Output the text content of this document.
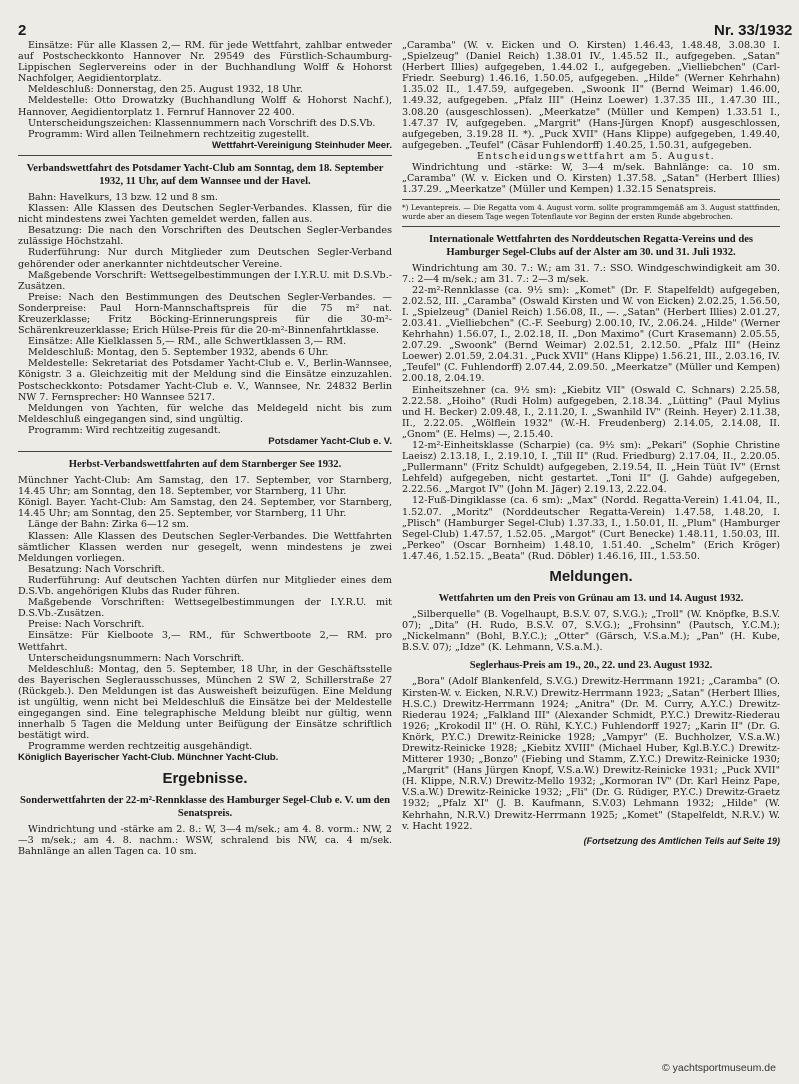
2	Nr. 33/1932

Einsätze: Für alle Klassen 2,— RM. für jede Wettfahrt, zahlbar entweder auf Postscheckkonto Hannover Nr. 29549 des Fürstlich-Schaumburg-Lippischen Seglervereins oder in der Buchhandlung Wolff & Hohorst Nachfolger, Aegidientorplatz.

Meldeschluß: Donnerstag, den 25. August 1932, 18 Uhr.

Meldestelle: Otto Drowatzky (Buchhandlung Wolff & Hohorst Nachf.), Hannover, Aegidientorplatz 1. Fernruf Hannover 22 400.

Unterscheidungszeichen: Klassennummern nach Vorschrift des D.S.Vb.

Programm: Wird allen Teilnehmern rechtzeitig zugestellt.

Wettfahrt-Vereinigung Steinhuder Meer.

Verbandswettfahrt des Potsdamer Yacht-Club am Sonntag, dem 18. September 1932, 11 Uhr, auf dem Wannsee und der Havel.

Bahn: Havelkurs, 13 bzw. 12 und 8 sm.

Klassen: Alle Klassen des Deutschen Segler-Verbandes. Klassen, für die nicht mindestens zwei Yachten gemeldet werden, fallen aus.

Besatzung: Die nach den Vorschriften des Deutschen Segler-Verbandes zulässige Höchstzahl.

Ruderführung: Nur durch Mitglieder zum Deutschen Segler-Verband gehörender oder anerkannter nichtdeutscher Vereine.

Maßgebende Vorschrift: Wettsegelbestimmungen der I.Y.R.U. mit D.S.Vb.-Zusätzen.

Preise: Nach den Bestimmungen des Deutschen Segler-Verbandes. — Sonderpreise: Paul Horn-Mannschaftspreis für die 75 m² nat. Kreuzerklasse; Fritz Böcking-Erinnerungspreis für die 30-m²-Schärenkreuzerklasse; Erich Hülse-Preis für die 20-m²-Binnenfahrtklasse.

Einsätze: Alle Kielklassen 5,— RM., alle Schwertklassen 3,— RM.

Meldeschluß: Montag, den 5. September 1932, abends 6 Uhr.

Meldestelle: Sekretariat des Potsdamer Yacht-Club e. V., Berlin-Wannsee, Königstr. 3 a. Gleichzeitig mit der Meldung sind die Einsätze einzuzahlen. Postscheckkonto: Potsdamer Yacht-Club e. V., Wannsee, Nr. 24832 Berlin NW 7. Fernsprecher: H0 Wannsee 5217.

Meldungen von Yachten, für welche das Meldegeld nicht bis zum Meldeschluß eingegangen sind, sind ungültig.

Programm: Wird rechtzeitig zugesandt.

Potsdamer Yacht-Club e. V.

Herbst-Verbandswettfahrten auf dem Starnberger See 1932.

Münchner Yacht-Club: Am Samstag, den 17. September, vor Starnberg, 14.45 Uhr; am Sonntag, den 18. September, vor Starnberg, 11 Uhr.

Königl. Bayer. Yacht-Club: Am Samstag, den 24. September, vor Starnberg, 14.45 Uhr; am Sonntag, den 25. September, vor Starnberg, 11 Uhr.

Länge der Bahn: Zirka 6—12 sm.

Klassen: Alle Klassen des Deutschen Segler-Verbandes. Die Wettfahrten sämtlicher Klassen werden nur gesegelt, wenn mindestens je zwei Meldungen vorliegen.

Besatzung: Nach Vorschrift.

Ruderführung: Auf deutschen Yachten dürfen nur Mitglieder eines dem D.S.Vb. angehörigen Klubs das Ruder führen.

Maßgebende Vorschriften: Wettsegelbestimmungen der I.Y.R.U. mit D.S.Vb.-Zusätzen.

Preise: Nach Vorschrift.

Einsätze: Für Kielboote 3,— RM., für Schwertboote 2,— RM. pro Wettfahrt.

Unterscheidungsnummern: Nach Vorschrift.

Meldeschluß: Montag, den 5. September, 18 Uhr, in der Geschäftsstelle des Bayerischen Seglerausschusses, München 2 SW 2, Schillerstraße 27 (Rückgeb.). Den Meldungen ist das Ausweisheft beizufügen. Eine Meldung ist ungültig, wenn nicht bei Meldeschluß die Einsätze bei der Meldestelle eingegangen sind. Eine telegraphische Meldung bleibt nur gültig, wenn innerhalb 5 Tagen die Meldung unter Beifügung der Einsätze schriftlich bestätigt wird.

Programme werden rechtzeitig ausgehändigt.

Königlich Bayerischer Yacht-Club. Münchner Yacht-Club.

Ergebnisse.
Sonderwettfahrten der 22-m²-Rennklasse des Hamburger Segel-Club e. V. um den Senatspreis.

Windrichtung und -stärke am 2. 8.: W, 3—4 m/sek.; am 4. 8. vorm.: NW, 2—3 m/sek.; am 4. 8. nachm.: WSW, schralend bis NW, ca. 4 m/sek. Bahnlänge an allen Tagen ca. 10 sm.

„Caramba" (W. v. Eicken und O. Kirsten) 1.46.43, 1.48.48, 3.08.30 I. „Spielzeug" (Daniel Reich) 1.38.01 IV., 1.45.52 II., aufgegeben. „Satan" (Herbert Illies) aufgegeben, 1.44.02 I., aufgegeben. „Vielliebchen" (Carl-Friedr. Seeburg) 1.46.16, 1.50.05, aufgegeben. „Hilde" (Werner Kehrhahn) 1.35.02 II., 1.47.59, aufgegeben. „Swoonk II" (Bernd Weimar) 1.46.00, 1.49.32, aufgegeben. „Pfalz III" (Heinz Loewer) 1.37.35 III., 1.47.30 III., 3.08.20 (ausgeschlossen). „Meerkatze" (Müller und Kempen) 1.33.51 I., 1.47.37 IV, aufgegeben. „Margrit" (Hans-Jürgen Knopf) ausgeschlossen, aufgegeben, 3.19.28 II. *). „Puck XVII" (Hans Klippe) aufgegeben, 1.49.40, aufgegeben. „Teufel" (Cäsar Fuhlendorff) 1.40.25, 1.50.31, aufgegeben.

Entscheidungswettfahrt am 5. August.

Windrichtung und -stärke: W, 3—4 m/sek. Bahnlänge: ca. 10 sm. „Caramba" (W. v. Eicken und O. Kirsten) 1.37.58. „Satan" (Herbert Illies) 1.37.29. „Meerkatze" (Müller und Kempen) 1.32.15 Senatspreis.

*) Levantepreis. — Die Regatta vom 4. August vorm. sollte programmgemäß am 3. August stattfinden, wurde aber an diesem Tage wegen Totenflaute vor Beginn der ersten Runde abgebrochen.

Internationale Wettfahrten des Norddeutschen Regatta-Vereins und des Hamburger Segel-Clubs auf der Alster am 30. und 31. Juli 1932.

Windrichtung am 30. 7.: W.; am 31. 7.: SSO. Windgeschwindigkeit am 30. 7.: 2—4 m/sek.; am 31. 7.: 2—3 m/sek.

22-m²-Rennklasse (ca. 9½ sm): „Komet" (Dr. F. Stapelfeldt) aufgegeben, 2.02.52, III. „Caramba" (Oswald Kirsten und W. von Eicken) 2.02.25, 1.56.50, I. „Spielzeug" (Daniel Reich) 1.56.08, II., —. „Satan" (Herbert Illies) 2.01.27, 2.03.41. „Vielliebchen" (C.-F. Seeburg) 2.00.10, IV., 2.06.24. „Hilde" (Werner Kehrhahn) 1.56.07, I., 2.02.18, II. „Don Maximo" (Curt Krasemann) 2.05.55, 2.07.29. „Swoonk" (Bernd Weimar) 2.02.51, 2.12.50. „Pfalz III" (Heinz Loewer) 2.01.59, 2.04.31. „Puck XVII" (Hans Klippe) 1.56.21, III., 2.03.16, IV. „Teufel" (C. Fuhlendorff) 2.07.44, 2.09.50. „Meerkatze" (Müller und Kempen) 2.00.18, 2.04.19.

Einheitszehner (ca. 9½ sm): „Kiebitz VII" (Oswald C. Schnars) 2.25.58, 2.22.58. „Hoiho" (Rudi Holm) aufgegeben, 2.18.34. „Lütting" (Paul Mylius und H. Becker) 2.09.48, I., 2.11.20, I. „Swanhild IV" (Reinh. Heyer) 2.11.38, II., 2.22.05. „Wölflein 1932" (W.-H. Freudenberg) 2.14.05, 2.14.08, II. „Gnom" (E. Helms) —, 2.15.40.

12-m²-Einheitsklasse (Scharpie) (ca. 9½ sm): „Pekari" (Sophie Christine Laeisz) 2.13.18, I., 2.19.10, I. „Till II" (Rud. Friedburg) 2.17.04, II., 2.20.05. „Pullermann" (Fritz Schuldt) aufgegeben, 2.19.54, II. „Hein Tüüt IV" (Ernst Lehfeld) aufgegeben, nicht gestartet. „Toni II" (J. Gahde) aufgegeben, 2.22.56. „Margot IV" (John M. Jäger) 2.19.13, 2.22.04.

12-Fuß-Dingiklasse (ca. 6 sm): „Max" (Nordd. Regatta-Verein) 1.41.04, II., 1.52.07. „Moritz" (Norddeutscher Regatta-Verein) 1.47.58, 1.48.20, I. „Plisch" (Hamburger Segel-Club) 1.37.33, I., 1.50.01, II. „Plum" (Hamburger Segel-Club) 1.47.57, 1.52.05. „Margot" (Curt Benecke) 1.48.11, 1.50.03, III. „Perkeo" (Oscar Bornheim) 1.48.10, 1.51.40. „Schelm" (Erich Kröger) 1.47.46, 1.52.15. „Beata" (Rud. Döbler) 1.46.16, III., 1.53.50.

Meldungen.
Wettfahrten um den Preis von Grünau am 13. und 14. August 1932.

„Silberquelle" (B. Vogelhaupt, B.S.V. 07, S.V.G.); „Troll" (W. Knöpfke, B.S.V. 07); „Dita" (H. Rudo, B.S.V. 07, S.V.G.); „Frohsinn" (Pautsch, Y.C.M.); „Nickelmann" (Bohl, B.Y.C.); „Otter" (Gärsch, V.S.a.M.); „Pan" (H. Kube, B.S.V. 07); „Idze" (K. Lehmann, V.S.a.M.).

Seglerhaus-Preis am 19., 20., 22. und 23. August 1932.

„Bora" (Adolf Blankenfeld, S.V.G.) Drewitz-Herrmann 1921; „Caramba" (O. Kirsten-W. v. Eicken, N.R.V.) Drewitz-Herrmann 1923; „Satan" (Herbert Illies, H.S.C.) Drewitz-Herrmann 1924; „Anitra" (Dr. M. Curry, A.Y.C.) Drewitz-Riederau 1924; „Falkland III" (Alexander Schmidt, P.Y.C.) Drewitz-Riederau 1926; „Krokodil II" (H. O. Rühl, K.Y.C.) Fuhlendorff 1927; „Karin II" (Dr. G. Knörk, P.Y.C.) Drewitz-Reinicke 1928; „Vampyr" (E. Buchholzer, V.S.a.W.) Drewitz-Reinicke 1928; „Kiebitz XVIII" (Michael Huber, Kgl.B.Y.C.) Drewitz-Mitterer 1930; „Bonzo" (Fiebing und Stamm, Z.Y.C.) Drewitz-Reinicke 1930; „Margrit" (Hans Jürgen Knopf, V.S.a.W.) Drewitz-Reinicke 1931; „Puck XVII" (H. Klippe, N.R.V.) Drewitz-Mello 1932; „Kormoran IV" (Dr. Karl Heinz Pape, V.S.a.W.) Drewitz-Reinicke 1932; „Fli" (Dr. G. Rüdiger, P.Y.C.) Drewitz-Graetz 1932; „Pfalz XI" (J. B. Kaufmann, S.V.03) Lehmann 1932; „Hilde" (W. Kehrhahn, N.R.V.) Drewitz-Herrmann 1925; „Komet" (Stapelfeldt, N.R.V.) W. v. Hacht 1922.

(Fortsetzung des Amtlichen Teils auf Seite 19)

© yachtsportmuseum.de
